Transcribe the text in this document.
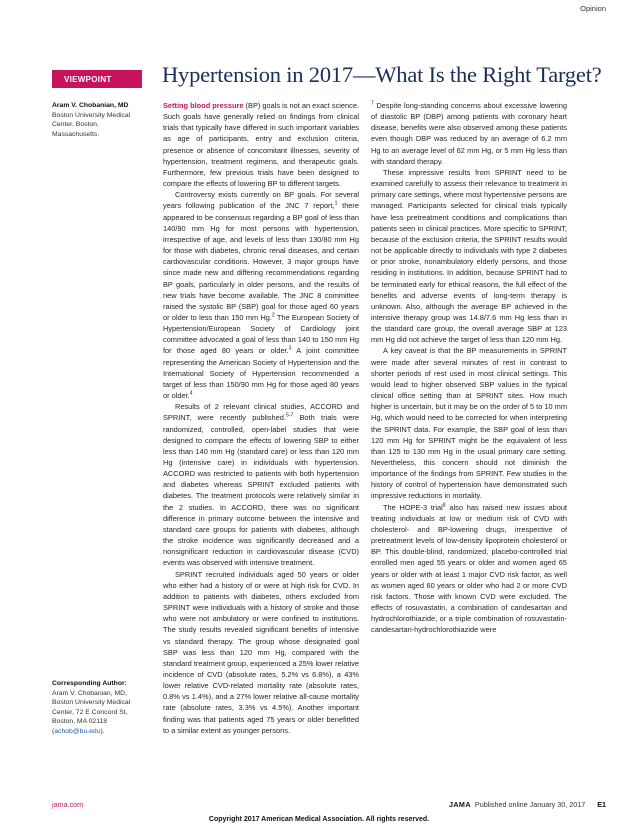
Opinion
VIEWPOINT	Hypertension in 2017—What Is the Right Target?
Aram V. Chobanian, MD
Boston University Medical Center, Boston, Massachusetts.
Corresponding Author:
Aram V. Chobanian, MD, Boston University Medical Center, 72 E Concord St, Boston, MA 02118 (achob@bu.edu).

Setting blood pressure (BP) goals is not an exact science. Such goals have generally relied on findings from clinical trials that typically have differed in such important variables as age of participants, entry and exclusion criteria, presence or absence of concomitant illnesses, severity of hypertension, treatment regimens, and therapeutic goals. Furthermore, few previous trials have been designed to compare the effects of lowering BP to different targets.

Controversy exists currently on BP goals. For several years following publication of the JNC 7 report,$^1$ there appeared to be consensus regarding a BP goal of less than 140/90 mm Hg for most persons with hypertension, irrespective of age, and levels of less than 130/80 mm Hg for those with diabetes, chronic renal diseases, and certain cardiovascular conditions. However, 3 major groups have since made new and differing recommendations regarding BP goals, particularly in older persons, and the results of new trials have become available. The JNC 8 committee raised the systolic BP (SBP) goal for those aged 60 years or older to less than 150 mm Hg.$^2$ The European Society of Hypertension/European Society of Cardiology joint committee advocated a goal of less than 140 to 150 mm Hg for those aged 80 years or older.$^3$ A joint committee representing the American Society of Hypertension and the International Society of Hypertension recommended a target of less than 150/90 mm Hg for those aged 80 years or older.$^4$

Results of 2 relevant clinical studies, ACCORD and SPRINT, were recently published.$^{5-7}$ Both trials were randomized, controlled, open-label studies that were designed to compare the effects of lowering SBP to either less than 140 mm Hg (standard care) or less than 120 mm Hg (intensive care) in individuals with hypertension. ACCORD was restricted to patients with both hypertension and diabetes whereas SPRINT excluded patients with diabetes. The treatment protocols were relatively similar in the 2 studies. In ACCORD, there was no significant difference in primary outcome between the intensive and standard care groups for patients with diabetes, although the stroke incidence was significantly decreased and a nonsignificant reduction in cardiovascular disease (CVD) events was observed with intensive treatment.

SPRINT recruited individuals aged 50 years or older who either had a history of or were at high risk for CVD. In addition to patients with diabetes, others excluded from SPRINT were individuals with a history of stroke and those who were not ambulatory or were confined to institutions. The study results revealed significant benefits of intensive vs standard therapy. The group whose designated goal SBP was less than 120 mm Hg, compared with the standard treatment group, experienced a 25% lower relative incidence of CVD (absolute rates, 5.2% vs 6.8%), a 43% lower relative CVD-related mortality rate (absolute rates, 0.8% vs 1.4%), and a 27% lower relative all-cause mortality rate (absolute rates, 3.3% vs 4.5%). Another important finding was that patients aged 75 years or older benefitted to a similar extent as younger persons.

$^7$ Despite long-standing concerns about excessive lowering of diastolic BP (DBP) among patients with coronary heart disease, benefits were also observed among these patients even though DBP was reduced by an average of 6.2 mm Hg to an average level of 62 mm Hg, or 5 mm Hg less than with standard therapy.

These impressive results from SPRINT need to be examined carefully to assess their relevance to treatment in primary care settings, where most hypertensive persons are managed. Participants selected for clinical trials typically have less pretreatment conditions and complications than patients seen in clinical practices. More specific to SPRINT, because of the exclusion criteria, the SPRINT results would not be applicable directly to individuals with type 2 diabetes or prior stroke, nonambulatory elderly persons, and those residing in institutions. In addition, because SPRINT had to be terminated early for ethical reasons, the full effect of the benefits and adverse events of long-term therapy is unknown. Also, although the average BP achieved in the intensive therapy group was 14.8/7.6 mm Hg less than in the standard care group, the overall average SBP at 123 mm Hg did not achieve the target of less than 120 mm Hg.

A key caveat is that the BP measurements in SPRINT were made after several minutes of rest in contrast to shorter periods of rest used in most clinical settings. This would lead to higher observed SBP values in the typical clinical office setting than at SPRINT sites. How much higher is uncertain, but it may be on the order of 5 to 10 mm Hg, which would need to be corrected for when interpreting the SPRINT data. For example, the SBP goal of less than 120 mm Hg for SPRINT might be the equivalent of less than 125 to 130 mm Hg in the usual primary care setting. Nevertheless, this concern should not diminish the importance of the findings from SPRINT. Few studies in the history of control of hypertension have demonstrated such impressive reductions in mortality.

The HOPE-3 trial$^8$ also has raised new issues about treating individuals at low or medium risk of CVD with cholesterol- and BP-lowering drugs, irrespective of pretreatment levels of low-density lipoprotein cholesterol or BP. This double-blind, randomized, placebo-controlled trial enrolled men aged 55 years or older and women aged 65 years or older with at least 1 major CVD risk factor, as well as women aged 60 years or older who had 2 or more CVD risk factors. Those with known CVD were excluded. The effects of rosuvastatin, a combination of candesartan and hydrochlorothiazide, or a triple combination of rosuvastatin-candesartan-hydrochlorothiazide were

jama.com	JAMA Published online January 30, 2017 E1
Copyright 2017 American Medical Association. All rights reserved.
